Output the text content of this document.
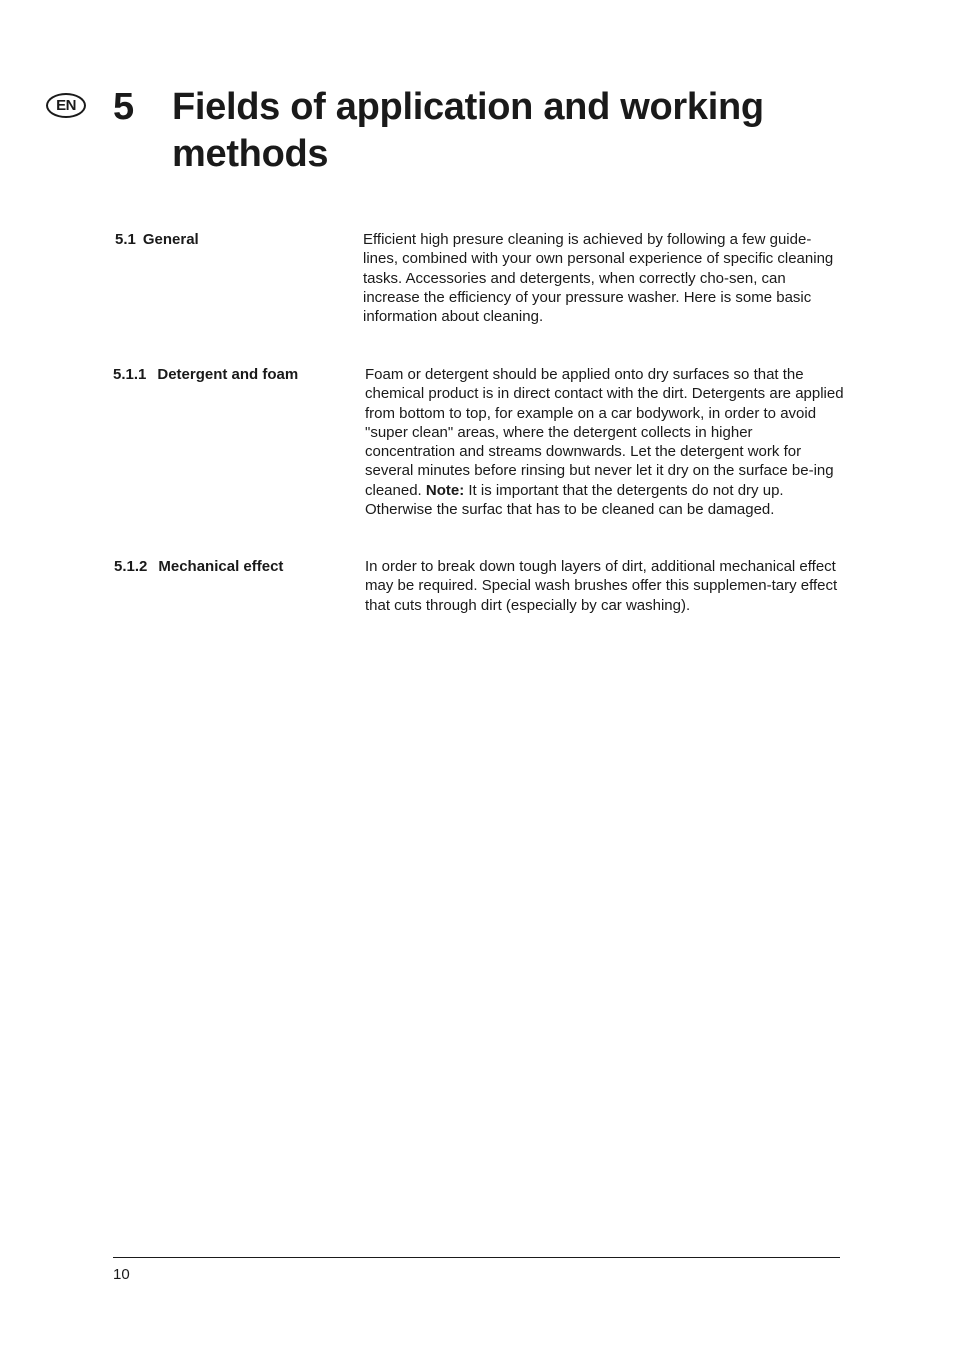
EN 5 Fields of application and working methods
5.1 General	Efficient high presure cleaning is achieved by following a few guide-lines, combined with your own personal experience of specific cleaning tasks. Accessories and detergents, when correctly cho-sen, can increase the efficiency of your pressure washer. Here is some basic information about cleaning.

5.1.1 Detergent and foam	Foam or detergent should be applied onto dry surfaces so that the chemical product is in direct contact with the dirt. Detergents are applied from bottom to top, for example on a car bodywork, in order to avoid "super clean" areas, where the detergent collects in higher concentration and streams downwards. Let the detergent work for several minutes before rinsing but never let it dry on the surface be-ing cleaned. Note: It is important that the detergents do not dry up. Otherwise the surfac that has to be cleaned can be damaged.

5.1.2 Mechanical effect	In order to break down tough layers of dirt, additional mechanical effect may be required. Special wash brushes offer this supplemen-tary effect that cuts through dirt (especially by car washing).

10
